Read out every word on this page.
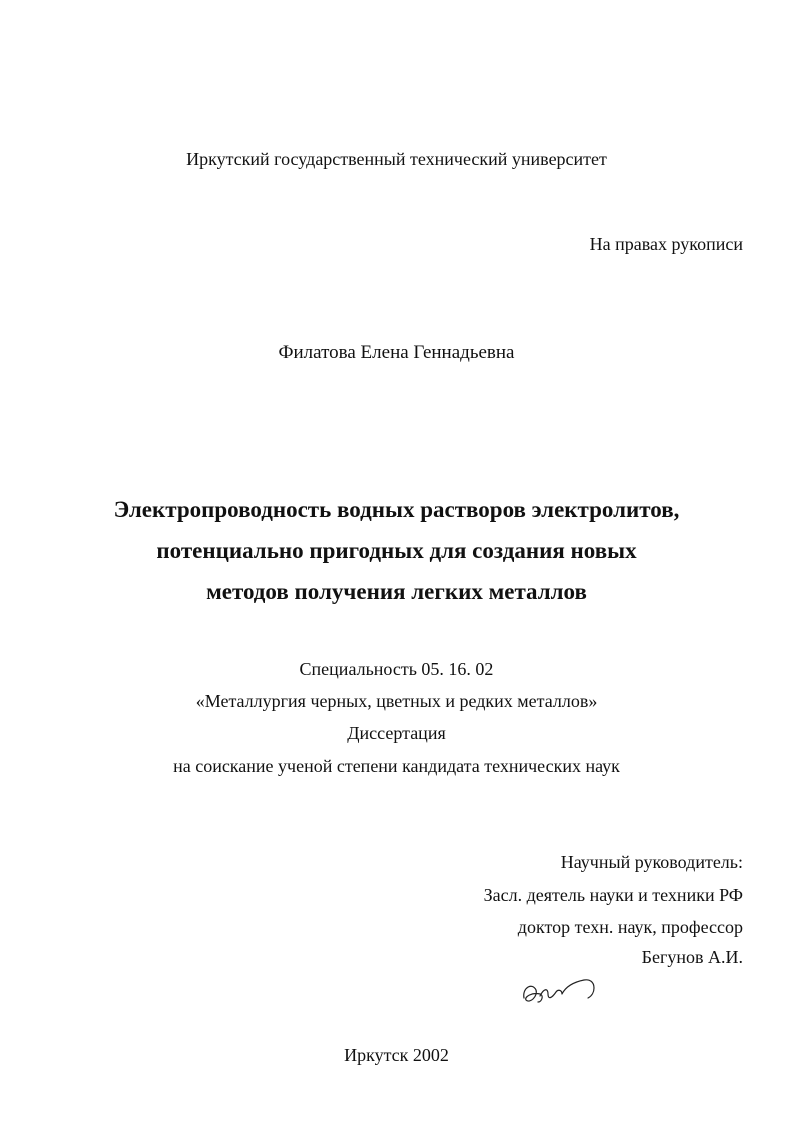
Иркутский государственный технический университет
На правах рукописи
Филатова Елена Геннадьевна
Электропроводность водных растворов электролитов,
потенциально пригодных для создания новых
методов получения легких металлов
Специальность 05. 16. 02
«Металлургия черных, цветных и редких металлов»
Диссертация
на соискание ученой степени кандидата технических наук
Научный руководитель:
Засл. деятель науки и техники РФ
доктор техн. наук, профессор
Бегунов А.И.
Иркутск 2002
